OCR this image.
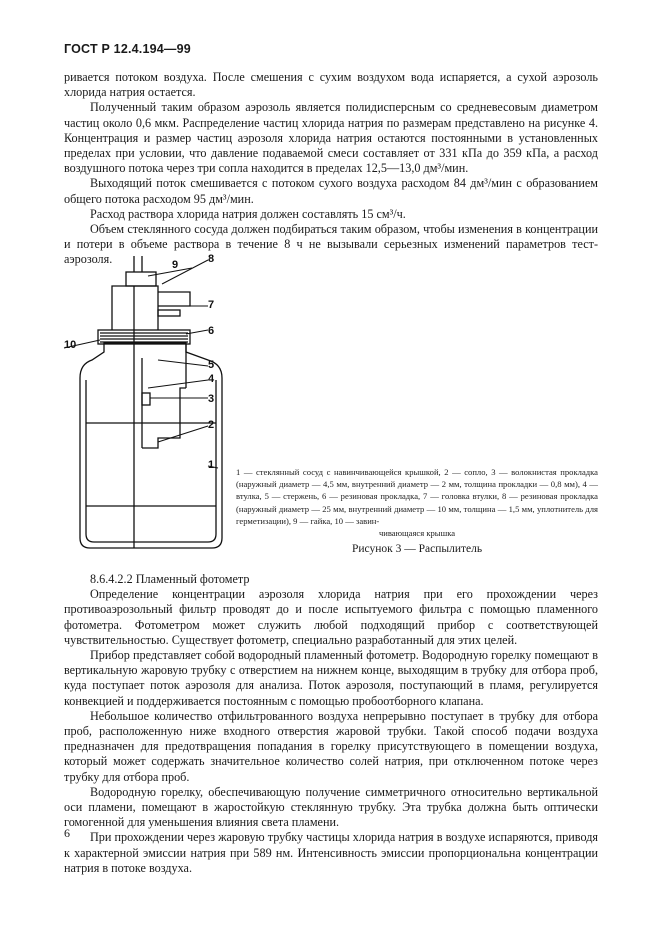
ГОСТ Р 12.4.194—99

ривается потоком воздуха. После смешения с сухим воздухом вода испаряется, а сухой аэрозоль хлорида натрия остается.

Полученный таким образом аэрозоль является полидисперсным со средневесовым диаметром частиц около 0,6 мкм. Распределение частиц хлорида натрия по размерам представлено на рисунке 4. Концентрация и размер частиц аэрозоля хлорида натрия остаются постоянными в установленных пределах при условии, что давление подаваемой смеси составляет от 331 кПа до 359 кПа, а расход воздушного потока через три сопла находится в пределах 12,5—13,0 дм³/мин.

Выходящий поток смешивается с потоком сухого воздуха расходом 84 дм³/мин с образованием общего потока расходом 95 дм³/мин.

Расход раствора хлорида натрия должен составлять 15 см³/ч.

Объем стеклянного сосуда должен подбираться таким образом, чтобы изменения в концентрации и потери в объеме раствора в течение 8 ч не вызывали серьезных изменений параметров тест-аэрозоля.	9	8
7
6
10
5
4
3
2
1
1 — стеклянный сосуд с навинчивающейся крышкой, 2 — сопло, 3 — волокнистая прокладка (наружный диаметр — 4,5 мм, внутренний диаметр — 2 мм, толщина прокладки — 0,8 мм), 4 — втулка, 5 — стержень, 6 — резиновая прокладка, 7 — головка втулки, 8 — резиновая прокладка (наружный диаметр — 25 мм, внутренний диаметр — 10 мм, толщина — 1,5 мм, уплотнитель для герметизации), 9 — гайка, 10 — завин-
чивающаяся крышка
Рисунок 3 — Распылитель

8.6.4.2.2 Пламенный фотометр

Определение концентрации аэрозоля хлорида натрия при его прохождении через противоаэрозольный фильтр проводят до и после испытуемого фильтра с помощью пламенного фотометра. Фотометром может служить любой подходящий прибор с соответствующей чувствительностью. Существует фотометр, специально разработанный для этих целей.

Прибор представляет собой водородный пламенный фотометр. Водородную горелку помещают в вертикальную жаровую трубку с отверстием на нижнем конце, выходящим в трубку для отбора проб, куда поступает поток аэрозоля для анализа. Поток аэрозоля, поступающий в пламя, регулируется конвекцией и поддерживается постоянным с помощью пробоотборного клапана.

Небольшое количество отфильтрованного воздуха непрерывно поступает в трубку для отбора проб, расположенную ниже входного отверстия жаровой трубки. Такой способ подачи воздуха предназначен для предотвращения попадания в горелку присутствующего в помещении воздуха, который может содержать значительное количество солей натрия, при отключенном потоке через трубку для отбора проб.

Водородную горелку, обеспечивающую получение симметричного относительно вертикальной оси пламени, помещают в жаростойкую стеклянную трубку. Эта трубка должна быть оптически гомогенной для уменьшения влияния света пламени.

При прохождении через жаровую трубку частицы хлорида натрия в воздухе испаряются, приводя к характерной эмиссии натрия при 589 нм. Интенсивность эмиссии пропорциональна концентрации натрия в потоке воздуха.

6
